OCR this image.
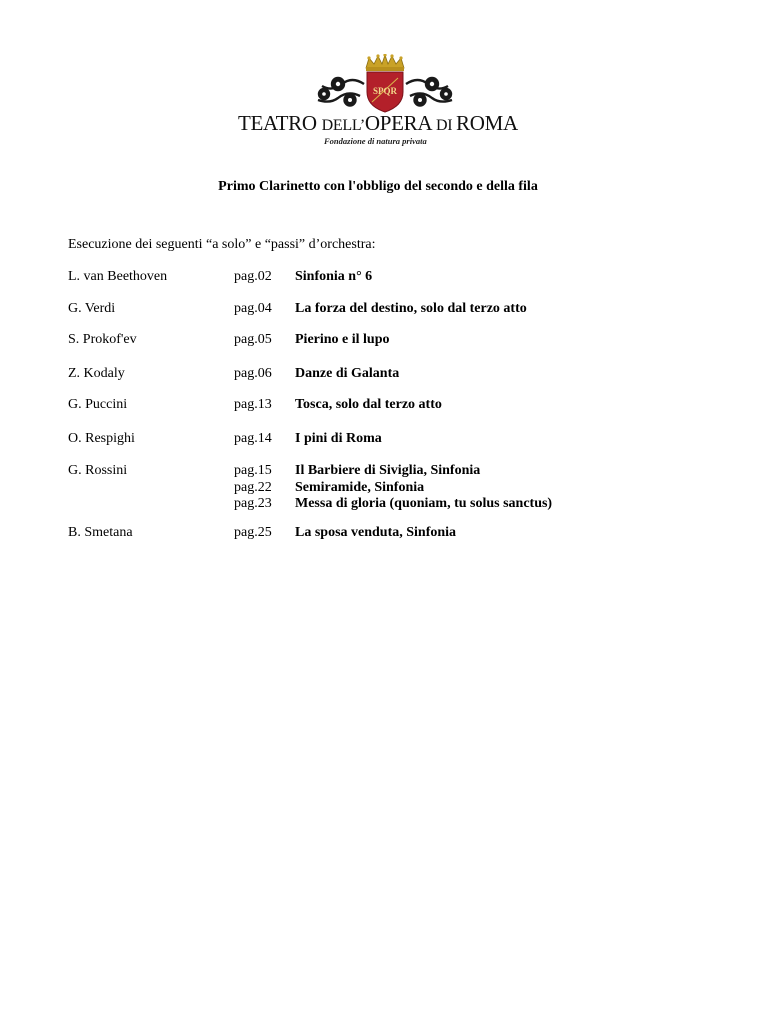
SPQR
TEATRO DELL’OPERA DI ROMA
Fondazione di natura privata
Primo Clarinetto con l'obbligo del secondo e della fila
Esecuzione dei seguenti “a solo” e “passi” d’orchestra:
L. van Beethoven	pag.02 Sinfonia n° 6
G. Verdi	pag.04 La forza del destino, solo dal terzo atto
S. Prokof'ev	pag.05 Pierino e il lupo
Z. Kodaly	pag.06 Danze di Galanta
G. Puccini	pag.13 Tosca, solo dal terzo atto
O. Respighi	pag.14 I pini di Roma
G. Rossini	pag.15 Il Barbiere di Siviglia, Sinfonia
pag.22 Semiramide, Sinfonia
pag.23 Messa di gloria (quoniam, tu solus sanctus)
B. Smetana	pag.25 La sposa venduta, Sinfonia
